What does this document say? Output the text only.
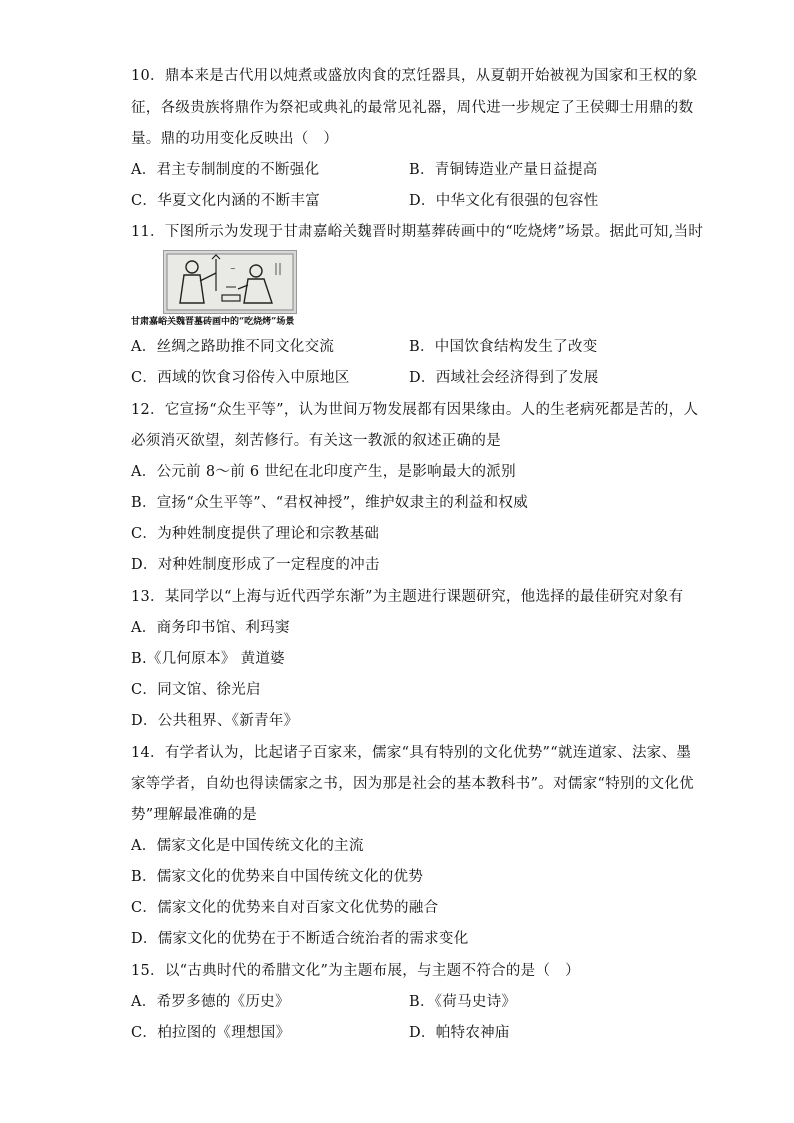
10．鼎本来是古代用以炖煮或盛放肉食的烹饪器具，从夏朝开始被视为国家和王权的象
征，各级贵族将鼎作为祭祀或典礼的最常见礼器，周代进一步规定了王侯卿士用鼎的数
量。鼎的功用变化反映出（　）
A．君主专制制度的不断强化	B．青铜铸造业产量日益提高
C．华夏文化内涵的不断丰富	D．中华文化有很强的包容性
11．下图所示为发现于甘肃嘉峪关魏晋时期墓葬砖画中的“吃烧烤”场景。据此可知,当时
~
甘肃嘉峪关魏晋墓砖画中的“吃烧烤”场景
A．丝绸之路助推不同文化交流	B．中国饮食结构发生了改变
C．西域的饮食习俗传入中原地区	D．西域社会经济得到了发展
12．它宣扬“众生平等”，认为世间万物发展都有因果缘由。人的生老病死都是苦的，人
必须消灭欲望，刻苦修行。有关这一教派的叙述正确的是
A．公元前 8～前 6 世纪在北印度产生，是影响最大的派别
B．宣扬“众生平等”、“君权神授”，维护奴隶主的利益和权威
C．为种姓制度提供了理论和宗教基础
D．对种姓制度形成了一定程度的冲击
13．某同学以“上海与近代西学东渐”为主题进行课题研究，他选择的最佳研究对象有
A．商务印书馆、利玛窦
B.《几何原本》 黄道婆
C．同文馆、徐光启
D．公共租界、《新青年》
14．有学者认为，比起诸子百家来，儒家“具有特别的文化优势”“就连道家、法家、墨
家等学者，自幼也得读儒家之书，因为那是社会的基本教科书”。对儒家“特别的文化优
势”理解最准确的是
A．儒家文化是中国传统文化的主流
B．儒家文化的优势来自中国传统文化的优势
C．儒家文化的优势来自对百家文化优势的融合
D．儒家文化的优势在于不断适合统治者的需求变化
15．以“古典时代的希腊文化”为主题布展，与主题不符合的是（　）
A．希罗多德的《历史》	B．《荷马史诗》
C．柏拉图的《理想国》	D．帕特农神庙
